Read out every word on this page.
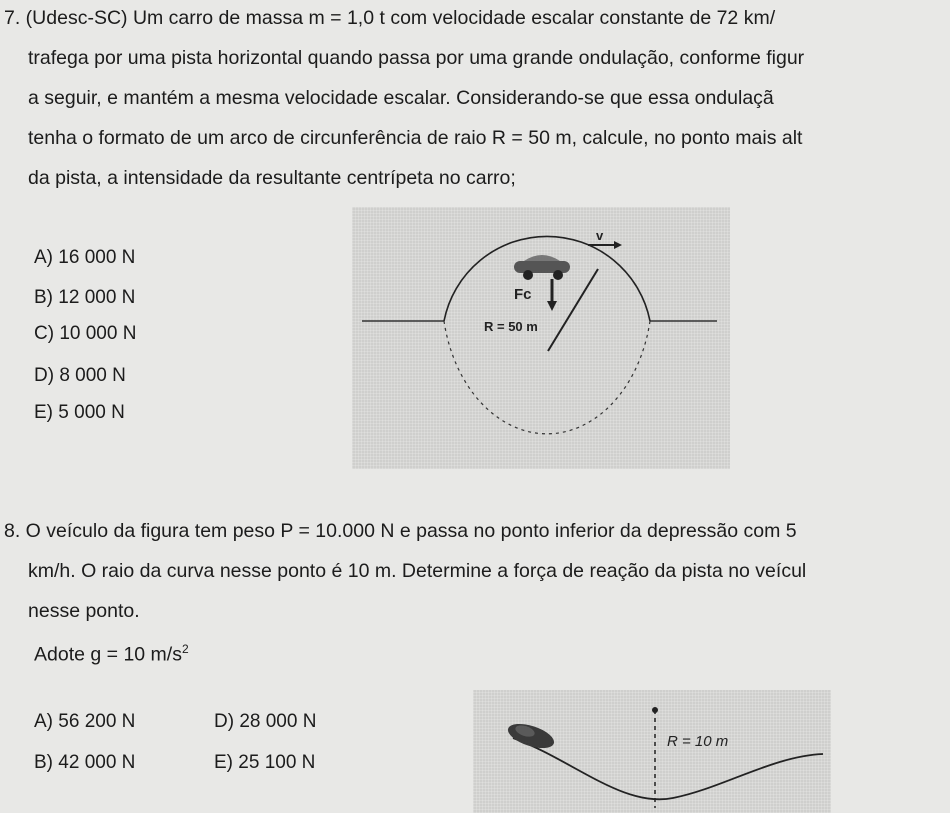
7. (Udesc-SC) Um carro de massa m = 1,0 t com velocidade escalar constante de 72 km/
trafega por uma pista horizontal quando passa por uma grande ondulação, conforme figur
a seguir, e mantém a mesma velocidade escalar. Considerando-se que essa ondulaçã
tenha o formato de um arco de circunferência de raio R = 50 m, calcule, no ponto mais alt
da pista, a intensidade da resultante centrípeta no carro;
A) 16 000 N
B) 12 000 N
C) 10 000 N
D) 8 000 N
E) 5 000 N
v
Fc
R = 50 m
8. O veículo da figura tem peso P = 10.000 N e passa no ponto inferior da depressão com 5
km/h. O raio da curva nesse ponto é 10 m. Determine a força de reação da pista no veícul
nesse ponto.
Adote g = 10 $m/s^2$
A) 56 200 N	D) 28 000 N
B) 42 000 N	E) 25 100 N
R = 10 m
